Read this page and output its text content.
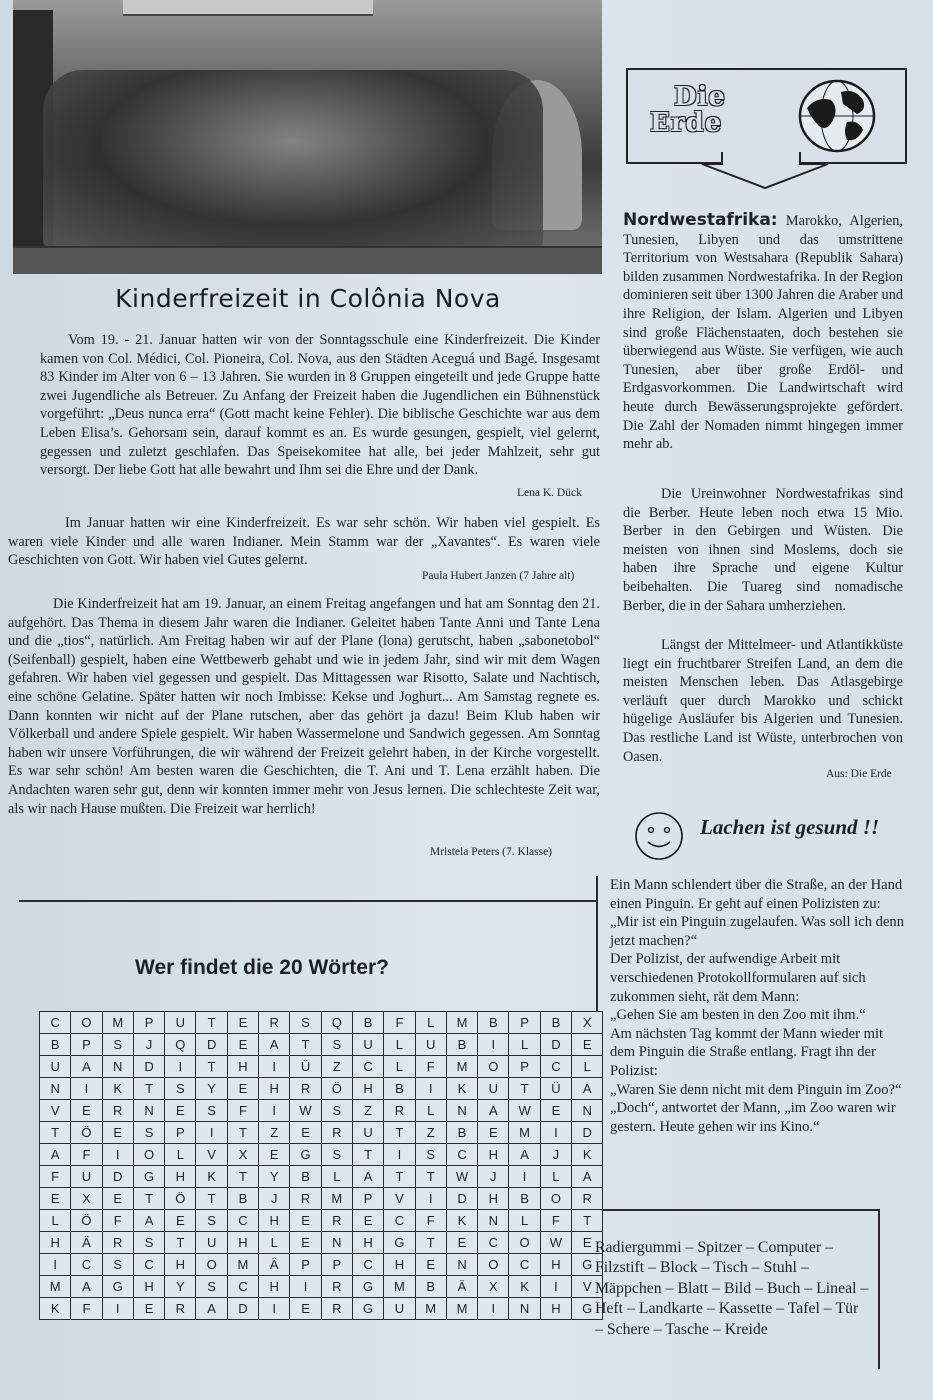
Kinderfreizeit in Colônia Nova

Vom 19. - 21. Januar hatten wir von der Sonntagsschule eine Kinderfreizeit. Die Kinder kamen von Col. Médici, Col. Pioneira, Col. Nova, aus den Städten Aceguá und Bagé. Insgesamt 83 Kinder im Alter von 6 – 13 Jahren. Sie wurden in 8 Gruppen eingeteilt und jede Gruppe hatte zwei Jugendliche als Betreuer. Zu Anfang der Freizeit haben die Jugendlichen ein Bühnenstück vorgeführt: „Deus nunca erra“ (Gott macht keine Fehler). Die biblische Geschichte war aus dem Leben Elisa’s. Gehorsam sein, darauf kommt es an. Es wurde gesungen, gespielt, viel gelernt, gegessen und zuletzt geschlafen. Das Speisekomitee hat alle, bei jeder Mahlzeit, sehr gut versorgt. Der liebe Gott hat alle bewahrt und Ihm sei die Ehre und der Dank.

Lena K. Dück

Im Januar hatten wir eine Kinderfreizeit. Es war sehr schön. Wir haben viel gespielt. Es waren viele Kinder und alle waren Indianer. Mein Stamm war der „Xavantes“. Es waren viele Geschichten von Gott. Wir haben viel Gutes gelernt.

Paula Hubert Janzen (7 Jahre alt)

Die Kinderfreizeit hat am 19. Januar, an einem Freitag angefangen und hat am Sonntag den 21. aufgehört. Das Thema in diesem Jahr waren die Indianer. Geleitet haben Tante Anni und Tante Lena und die „tios“, natürlich. Am Freitag haben wir auf der Plane (lona) gerutscht, haben „sabonetobol“ (Seifenball) gespielt, haben eine Wettbewerb gehabt und wie in jedem Jahr, sind wir mit dem Wagen gefahren. Wir haben viel gegessen und gespielt. Das Mittagessen war Risotto, Salate und Nachtisch, eine schöne Gelatine. Später hatten wir noch Imbisse: Kekse und Joghurt... Am Samstag regnete es. Dann konnten wir nicht auf der Plane rutschen, aber das gehört ja dazu! Beim Klub haben wir Völkerball und andere Spiele gespielt. Wir haben Wassermelone und Sandwich gegessen. Am Sonntag haben wir unsere Vorführungen, die wir während der Freizeit gelehrt haben, in der Kirche vorgestellt. Es war sehr schön! Am besten waren die Geschichten, die T. Ani und T. Lena erzählt haben. Die Andachten waren sehr gut, denn wir konnten immer mehr von Jesus lernen. Die schlechteste Zeit war, als wir nach Hause mußten. Die Freizeit war herrlich!

Mristela Peters (7. Klasse)
Die
Erde

Nordwestafrika: Marokko, Algerien, Tunesien, Libyen und das umstrittene Territorium von Westsahara (Republik Sahara) bilden zusammen Nordwestafrika. In der Region dominieren seit über 1300 Jahren die Araber und ihre Religion, der Islam. Algerien und Libyen sind große Flächenstaaten, doch bestehen sie überwiegend aus Wüste. Sie verfügen, wie auch Tunesien, aber über große Erdöl- und Erdgasvorkommen. Die Landwirtschaft wird heute durch Bewässerungsprojekte gefördert. Die Zahl der Nomaden nimmt hingegen immer mehr ab.

Die Ureinwohner Nordwestafrikas sind die Berber. Heute leben noch etwa 15 Mio. Berber in den Gebirgen und Wüsten. Die meisten von ihnen sind Moslems, doch sie haben ihre Sprache und eigene Kultur beibehalten. Die Tuareg sind nomadische Berber, die in der Sahara umherziehen.

Längst der Mittelmeer- und Atlantikküste liegt ein fruchtbarer Streifen Land, an dem die meisten Menschen leben. Das Atlasgebirge verläuft quer durch Marokko und schickt hügelige Ausläufer bis Algerien und Tunesien. Das restliche Land ist Wüste, unterbrochen von Oasen.

Aus: Die Erde
Lachen ist gesund !!

Ein Mann schlendert über die Straße, an der Hand einen Pinguin. Er geht auf einen Polizisten zu:

„Mir ist ein Pinguin zugelaufen. Was soll ich denn jetzt machen?“

Der Polizist, der aufwendige Arbeit mit verschiedenen Protokollformularen auf sich zukommen sieht, rät dem Mann:

„Gehen Sie am besten in den Zoo mit ihm.“

Am nächsten Tag kommt der Mann wieder mit dem Pinguin die Straße entlang. Fragt ihn der Polizist:

„Waren Sie denn nicht mit dem Pinguin im Zoo?“

„Doch“, antwortet der Mann, „im Zoo waren wir gestern. Heute gehen wir ins Kino.“

Wer findet die 20 Wörter?
C	O	M	P	U	T	E	R	S	Q	B	F	L	M	B	P	B	X
B	P	S	J	Q	D	E	A	T	S	U	L	U	B	I	L	D	E
U	A	N	D	I	T	H	I	Ü	Z	C	L	F	M	O	P	C	L
N	I	K	T	S	Y	E	H	R	Ö	H	B	I	K	U	T	Ü	A
V	E	R	N	E	S	F	I	W	S	Z	R	L	N	A	W	E	N
T	Ö	E	S	P	I	T	Z	E	R	U	T	Z	B	E	M	I	D
A	F	I	O	L	V	X	E	G	S	T	I	S	C	H	A	J	K
F	U	D	G	H	K	T	Y	B	L	A	T	T	W	J	I	L	A
E	X	E	T	Ö	T	B	J	R	M	P	V	I	D	H	B	O	R
L	Ö	F	A	E	S	C	H	E	R	E	C	F	K	N	L	F	T
H	Ä	R	S	T	U	H	L	E	N	H	G	T	E	C	O	W	E
I	C	S	C	H	O	M	Ä	P	P	C	H	E	N	O	C	H	G
M	A	G	H	Y	S	C	H	I	R	G	M	B	Ä	X	K	I	V
K	F	I	E	R	A	D	I	E	R	G	U	M	M	I	N	H	G

Radiergummi – Spitzer – Computer – Filzstift – Block – Tisch – Stuhl – Mäppchen – Blatt – Bild – Buch – Lineal – Heft – Landkarte – Kassette – Tafel – Tür – Schere – Tasche – Kreide
